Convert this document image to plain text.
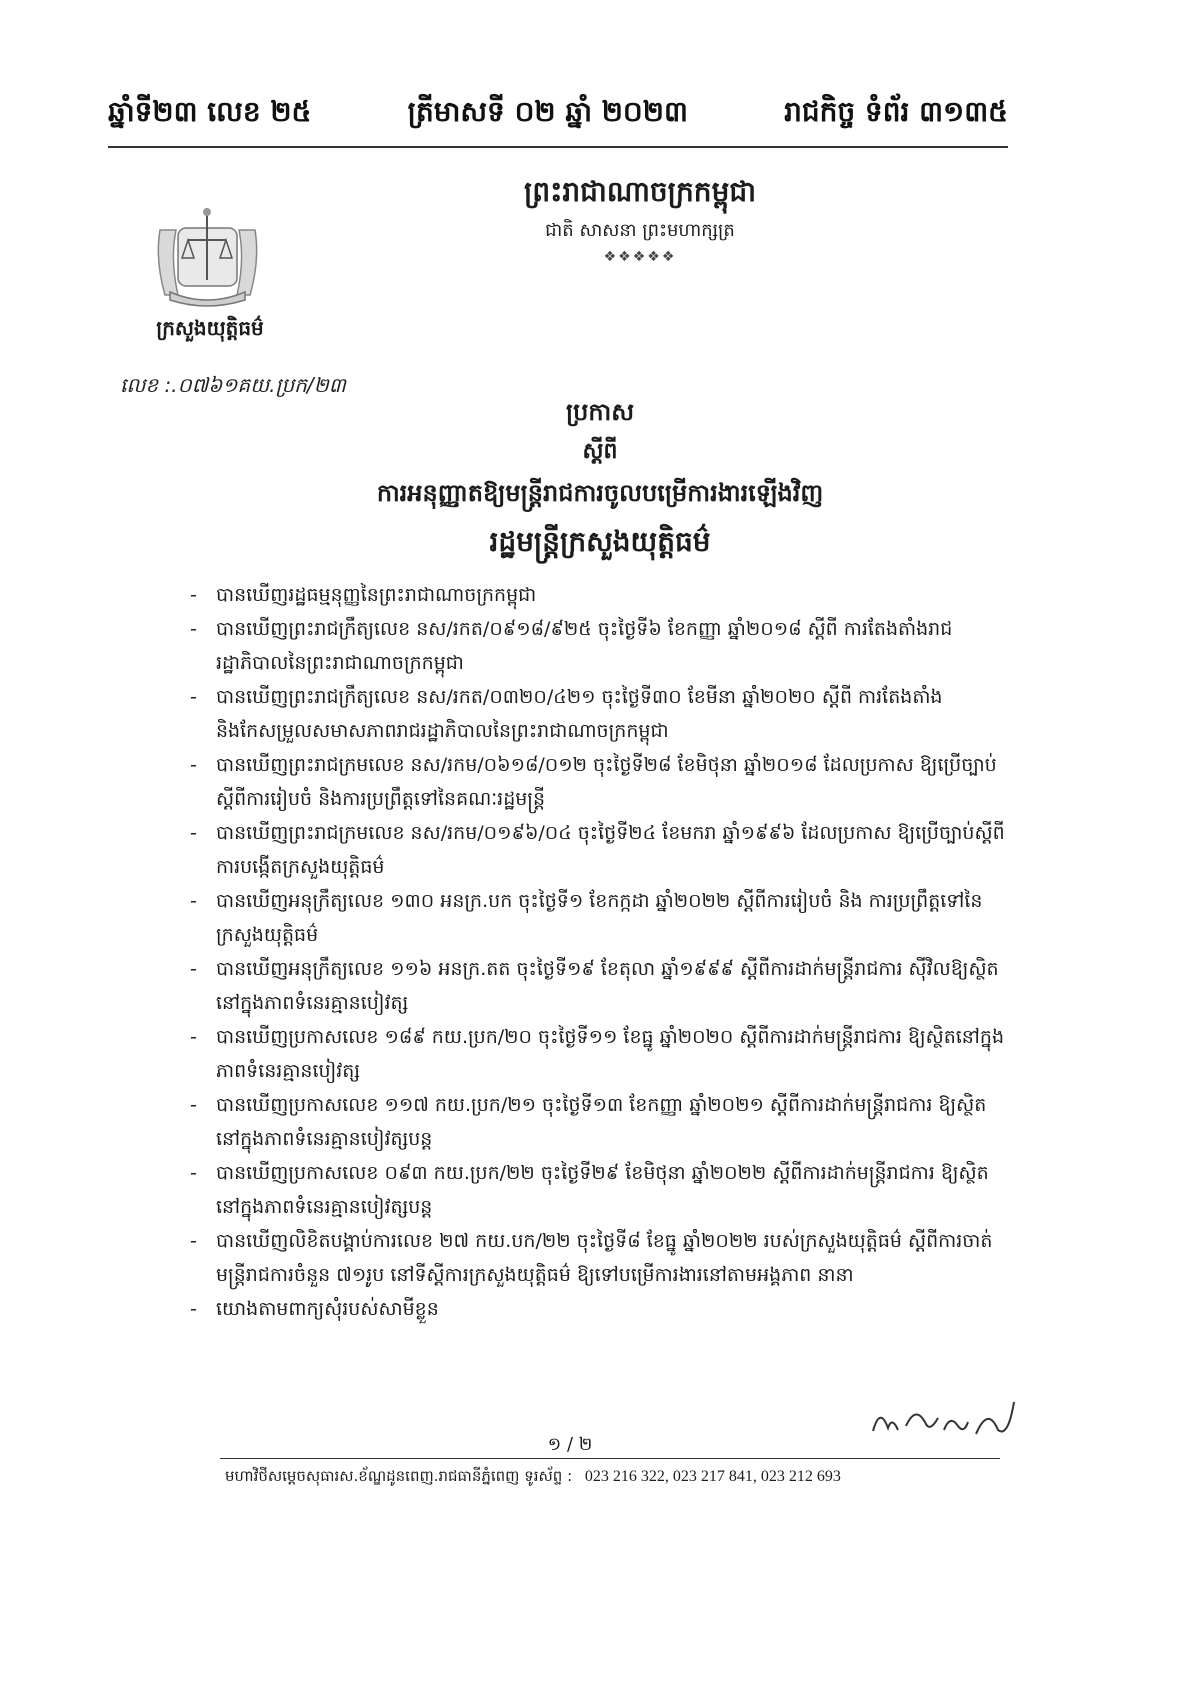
ឆ្នាំទី២៣ លេខ ២៥	ត្រីមាសទី ០២ ឆ្នាំ ២០២៣	រាជកិច្ច ទំព័រ ៣១៣៥
ព្រះរាជាណាចក្រកម្ពុជា
ជាតិ សាសនា ព្រះមហាក្សត្រ
❖❖❖❖❖
ក្រសួងយុត្តិធម៌
លេខ :.០៧៦១គយ.ប្រក/២៣
ប្រកាស
ស្តីពី
ការអនុញ្ញាតឱ្យមន្ត្រីរាជការចូលបម្រើការងារឡើងវិញ
រដ្ឋមន្ត្រីក្រសួងយុត្តិធម៌
- បានឃើញរដ្ឋធម្មនុញ្ញនៃព្រះរាជាណាចក្រកម្ពុជា
- បានឃើញព្រះរាជក្រឹត្យលេខ នស/រកត/០៩១៨/៩២៥ ចុះថ្ងៃទី៦ ខែកញ្ញា ឆ្នាំ២០១៨ ស្តីពី ការតែងតាំងរាជរដ្ឋាភិបាលនៃព្រះរាជាណាចក្រកម្ពុជា
- បានឃើញព្រះរាជក្រឹត្យលេខ នស/រកត/០៣២០/៤២១ ចុះថ្ងៃទី៣០ ខែមីនា ឆ្នាំ២០២០ ស្តីពី ការតែងតាំង និងកែសម្រួលសមាសភាពរាជរដ្ឋាភិបាលនៃព្រះរាជាណាចក្រកម្ពុជា
- បានឃើញព្រះរាជក្រមលេខ នស/រកម/០៦១៨/០១២ ចុះថ្ងៃទី២៨ ខែមិថុនា ឆ្នាំ២០១៨ ដែលប្រកាស ឱ្យប្រើច្បាប់ស្តីពីការរៀបចំ និងការប្រព្រឹត្តទៅនៃគណៈរដ្ឋមន្ត្រី
- បានឃើញព្រះរាជក្រមលេខ នស/រកម/០១៩៦/០៤ ចុះថ្ងៃទី២៤ ខែមករា ឆ្នាំ១៩៩៦ ដែលប្រកាស ឱ្យប្រើច្បាប់ស្តីពីការបង្កើតក្រសួងយុត្តិធម៌
- បានឃើញអនុក្រឹត្យលេខ ១៣០ អនក្រ.បក ចុះថ្ងៃទី១ ខែកក្កដា ឆ្នាំ២០២២ ស្តីពីការរៀបចំ និង ការប្រព្រឹត្តទៅនៃក្រសួងយុត្តិធម៌
- បានឃើញអនុក្រឹត្យលេខ ១១៦ អនក្រ.តត ចុះថ្ងៃទី១៩ ខែតុលា ឆ្នាំ១៩៩៩ ស្តីពីការដាក់មន្ត្រីរាជការ ស៊ីវិលឱ្យស្ថិតនៅក្នុងភាពទំនេរគ្មានបៀវត្ស
- បានឃើញប្រកាសលេខ ១៨៩ កយ.ប្រក/២០ ចុះថ្ងៃទី១១ ខែធ្នូ ឆ្នាំ២០២០ ស្តីពីការដាក់មន្ត្រីរាជការ ឱ្យស្ថិតនៅក្នុងភាពទំនេរគ្មានបៀវត្ស
- បានឃើញប្រកាសលេខ ១១៧ កយ.ប្រក/២១ ចុះថ្ងៃទី១៣ ខែកញ្ញា ឆ្នាំ២០២១ ស្តីពីការដាក់មន្ត្រីរាជការ ឱ្យស្ថិតនៅក្នុងភាពទំនេរគ្មានបៀវត្សបន្ត
- បានឃើញប្រកាសលេខ ០៩៣ កយ.ប្រក/២២ ចុះថ្ងៃទី២៩ ខែមិថុនា ឆ្នាំ២០២២ ស្តីពីការដាក់មន្ត្រីរាជការ ឱ្យស្ថិតនៅក្នុងភាពទំនេរគ្មានបៀវត្សបន្ត
- បានឃើញលិខិតបង្គាប់ការលេខ ២៧ កយ.បក/២២ ចុះថ្ងៃទី៨ ខែធ្នូ ឆ្នាំ២០២២ របស់ក្រសួងយុត្តិធម៌ ស្តីពីការចាត់មន្ត្រីរាជការចំនួន ៧១រូប នៅទីស្តីការក្រសួងយុត្តិធម៌ ឱ្យទៅបម្រើការងារនៅតាមអង្គភាព នានា
- យោងតាមពាក្យសុំរបស់សាមីខ្លួន
១ / ២
មហាវិថីសម្តេចសុធារស.ខ័ណ្ឌដូនពេញ.រាជធានីភ្នំពេញ ទូរស័ព្ទ : 023 216 322, 023 217 841, 023 212 693
